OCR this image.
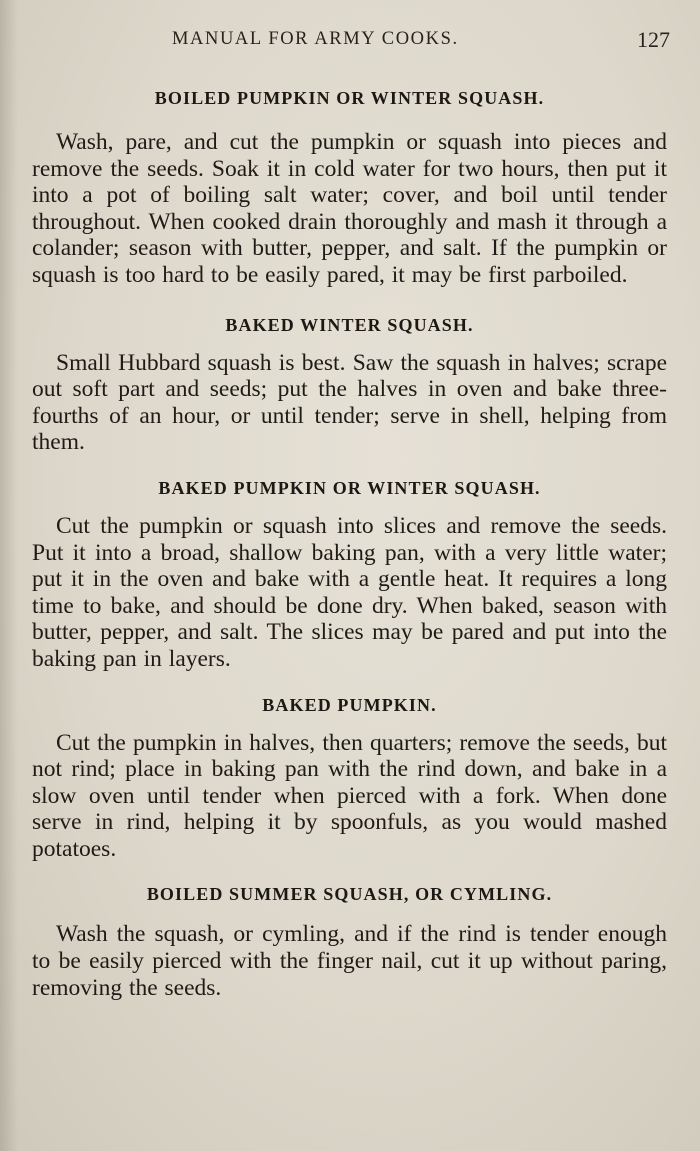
MANUAL FOR ARMY COOKS.	127
BOILED PUMPKIN OR WINTER SQUASH.

Wash, pare, and cut the pumpkin or squash into pieces and remove the seeds. Soak it in cold water for two hours, then put it into a pot of boiling salt water; cover, and boil until tender throughout. When cooked drain thoroughly and mash it through a colander; season with butter, pepper, and salt. If the pumpkin or squash is too hard to be easily pared, it may be first parboiled.

BAKED WINTER SQUASH.

Small Hubbard squash is best. Saw the squash in halves; scrape out soft part and seeds; put the halves in oven and bake three-fourths of an hour, or until tender; serve in shell, helping from them.

BAKED PUMPKIN OR WINTER SQUASH.

Cut the pumpkin or squash into slices and remove the seeds. Put it into a broad, shallow baking pan, with a very little water; put it in the oven and bake with a gentle heat. It requires a long time to bake, and should be done dry. When baked, season with butter, pepper, and salt. The slices may be pared and put into the baking pan in layers.

BAKED PUMPKIN.

Cut the pumpkin in halves, then quarters; remove the seeds, but not rind; place in baking pan with the rind down, and bake in a slow oven until tender when pierced with a fork. When done serve in rind, helping it by spoonfuls, as you would mashed potatoes.

BOILED SUMMER SQUASH, OR CYMLING.

Wash the squash, or cymling, and if the rind is tender enough to be easily pierced with the finger nail, cut it up without paring, removing the seeds.
